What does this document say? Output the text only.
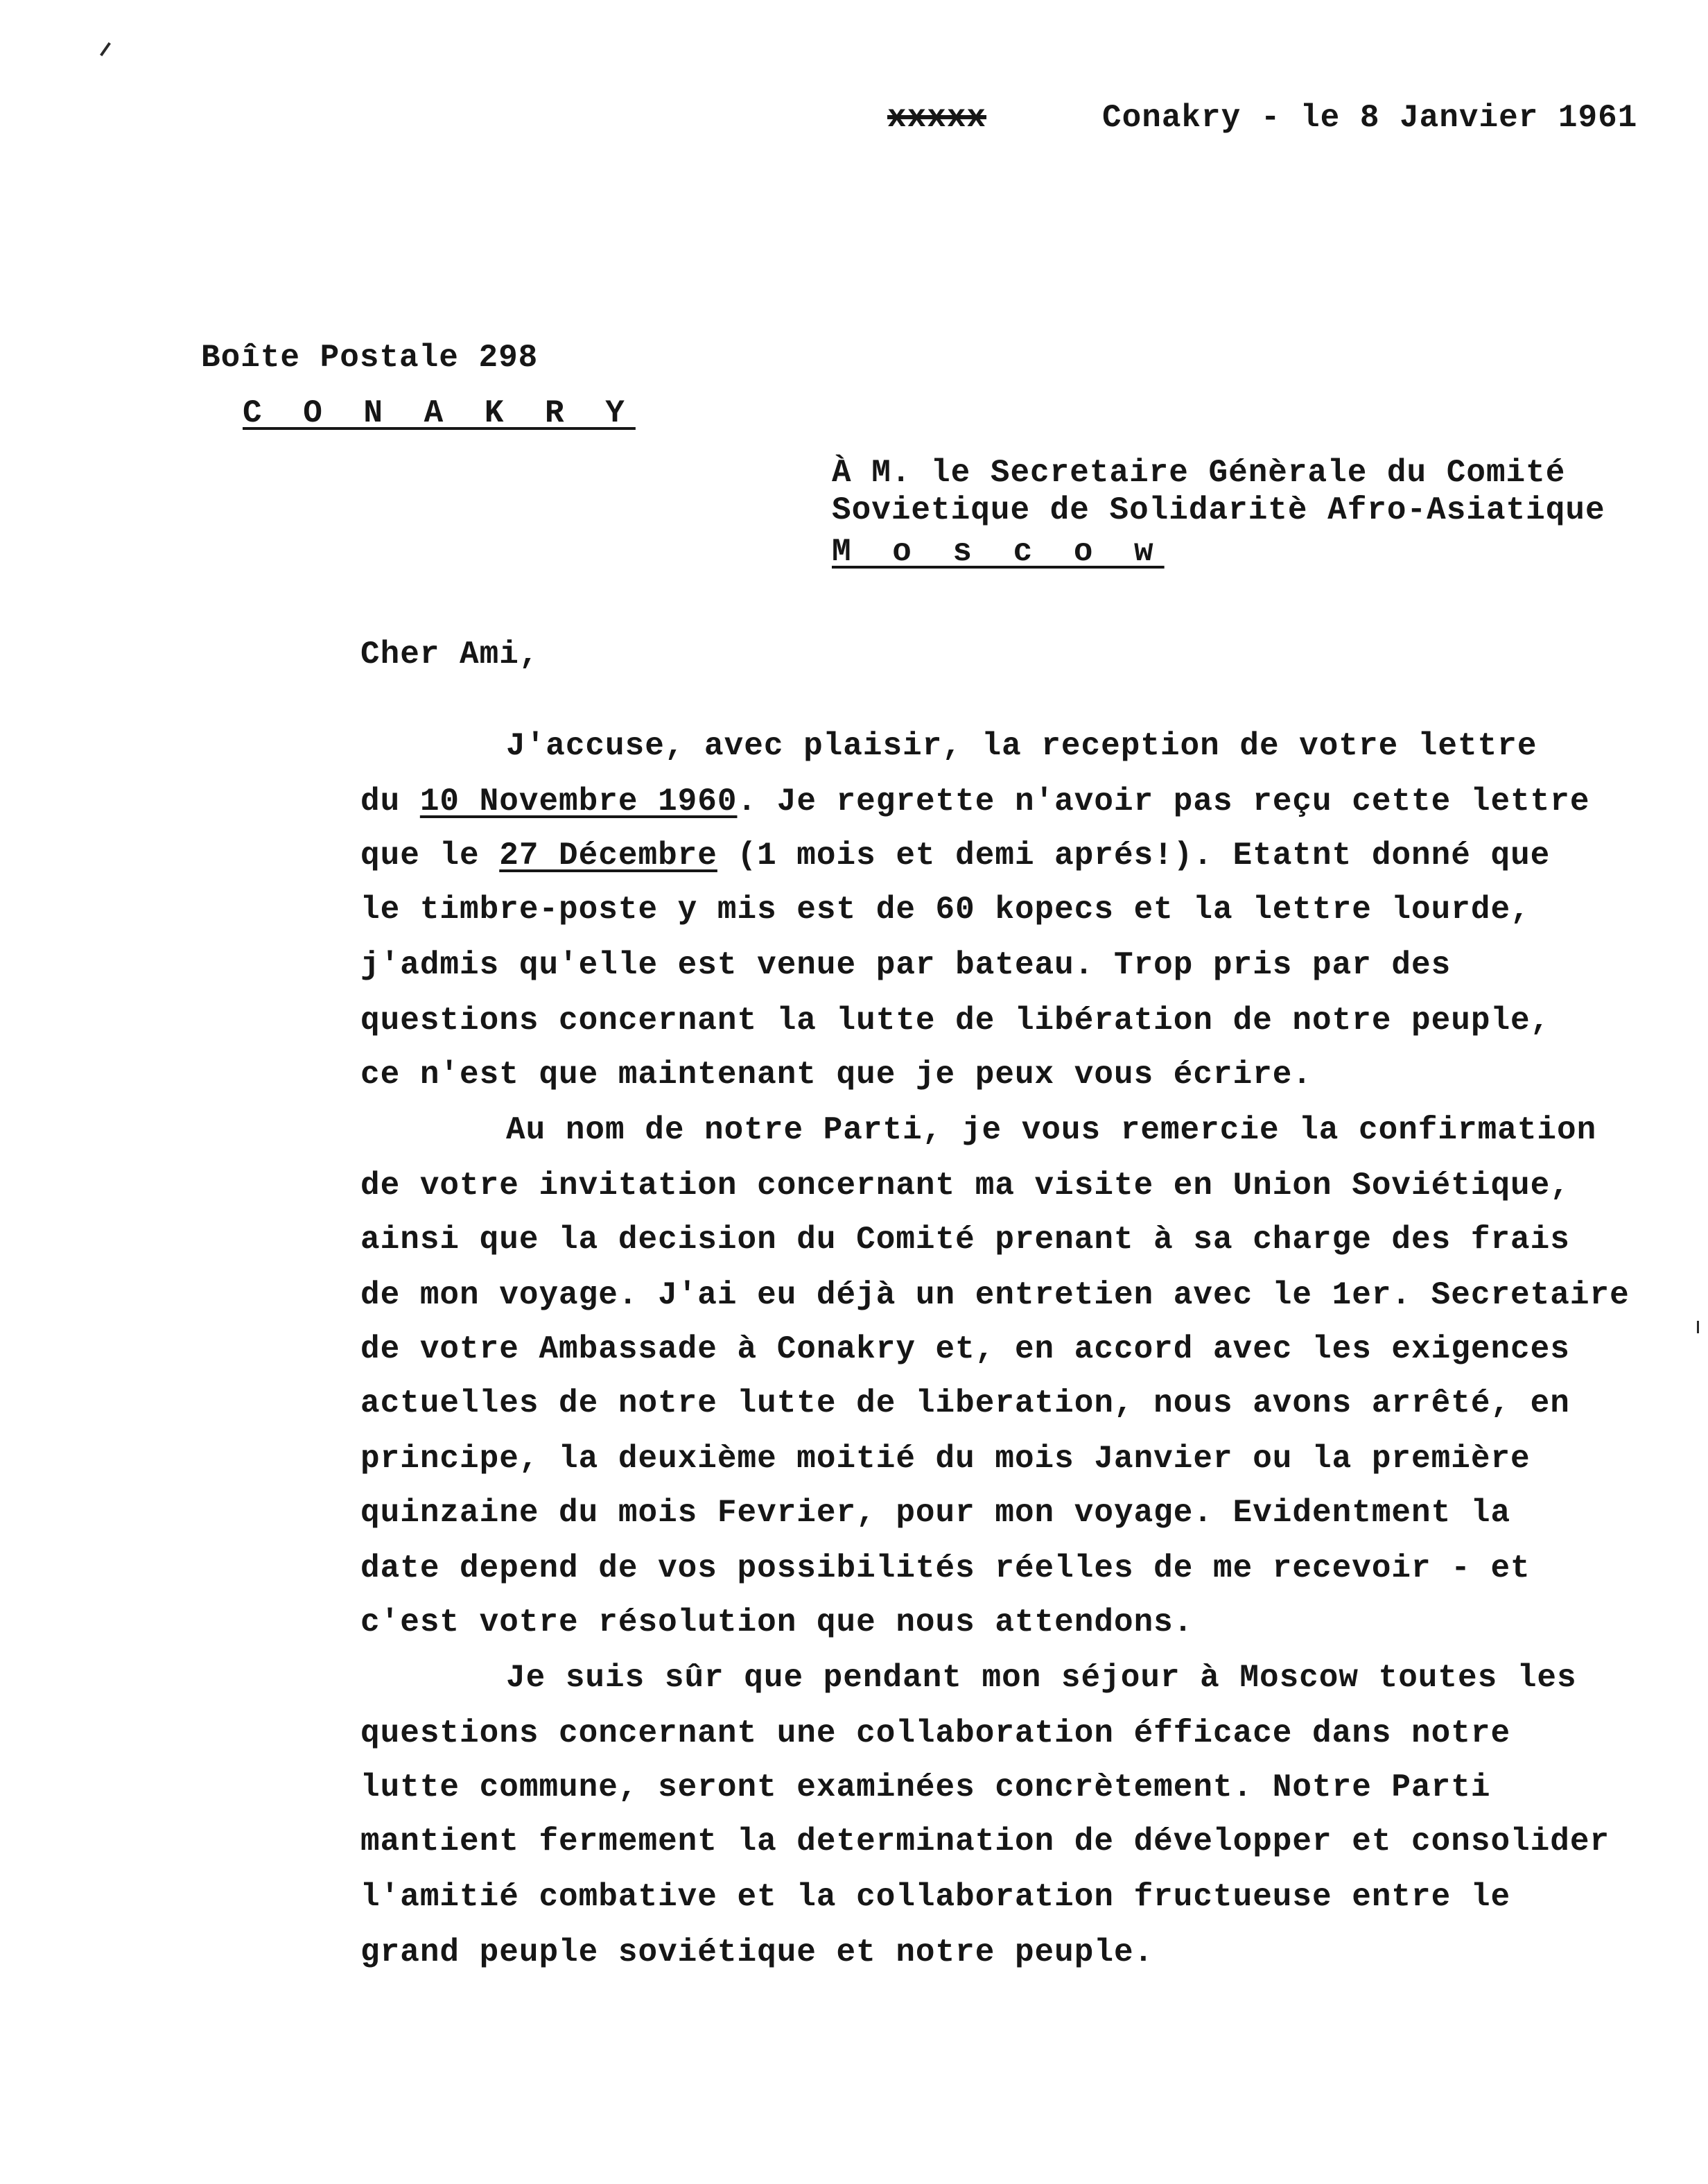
xxxxx	Conakry - le 8 Janvier 1961
Boîte Postale 298
C O N A K R Y
À M. le Secretaire Génèrale du Comité
Sovietique de Solidaritè Afro-Asiatique
M o s c o w
Cher Ami,
J'accuse, avec plaisir, la reception de votre lettre
du 10 Novembre 1960. Je regrette n'avoir pas reçu cette lettre
que le 27 Décembre (1 mois et demi aprés!). Etatnt donné que
le timbre-poste y mis est de 60 kopecs et la lettre lourde,
j'admis qu'elle est venue par bateau. Trop pris par des
questions concernant la lutte de libération de notre peuple,
ce n'est que maintenant que je peux vous écrire.
Au nom de notre Parti, je vous remercie la confirmation
de votre invitation concernant ma visite en Union Soviétique,
ainsi que la decision du Comité prenant à sa charge des frais
de mon voyage. J'ai eu déjà un entretien avec le 1er. Secretaire
de votre Ambassade à Conakry et, en accord avec les exigences
actuelles de notre lutte de liberation, nous avons arrêté, en
principe, la deuxième moitié du mois Janvier ou la première
quinzaine du mois Fevrier, pour mon voyage. Evidentment la
date depend de vos possibilités réelles de me recevoir - et
c'est votre résolution que nous attendons.
Je suis sûr que pendant mon séjour à Moscow toutes les
questions concernant une collaboration éfficace dans notre
lutte commune, seront examinées concrètement. Notre Parti
mantient fermement la determination de développer et consolider
l'amitié combative et la collaboration fructueuse entre le
grand peuple soviétique et notre peuple.
